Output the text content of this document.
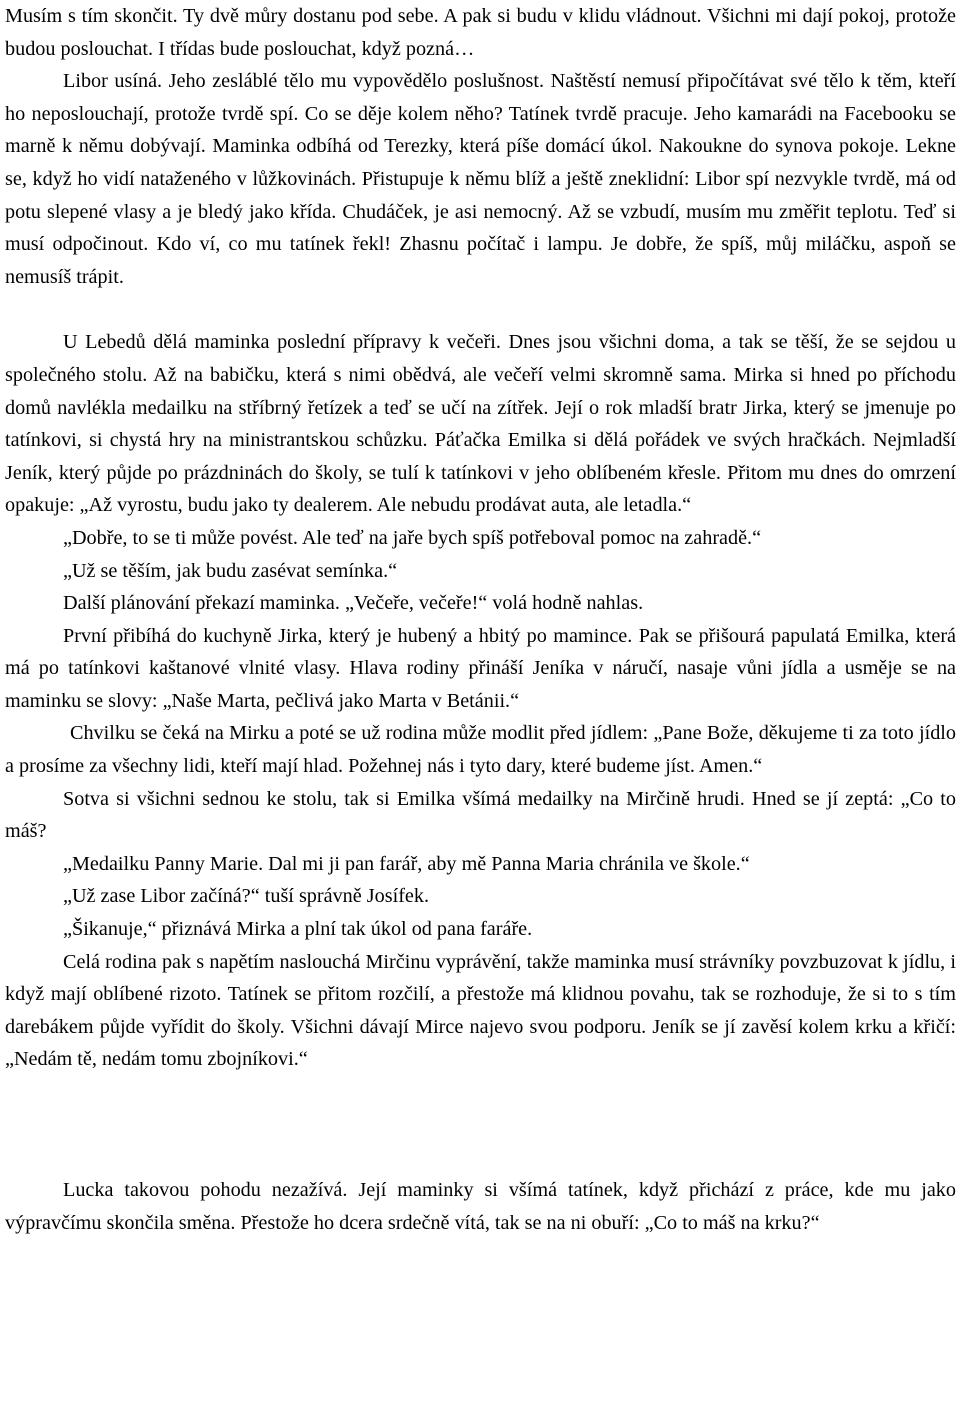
Musím s tím skončit. Ty dvě můry dostanu pod sebe. A pak si budu v klidu vládnout. Všichni mi dají pokoj, protože budou poslouchat. I třídas bude poslouchat, když pozná…

Libor usíná. Jeho zesláblé tělo mu vypovědělo poslušnost. Naštěstí nemusí připočítávat své tělo k těm, kteří ho neposlouchají, protože tvrdě spí. Co se děje kolem něho? Tatínek tvrdě pracuje. Jeho kamarádi na Facebooku se marně k němu dobývají. Maminka odbíhá od Terezky, která píše domácí úkol. Nakoukne do synova pokoje. Lekne se, když ho vidí nataženého v lůžkovinách. Přistupuje k němu blíž a ještě zneklidní: Libor spí nezvykle tvrdě, má od potu slepené vlasy a je bledý jako křída. Chudáček, je asi nemocný. Až se vzbudí, musím mu změřit teplotu. Teď si musí odpočinout. Kdo ví, co mu tatínek řekl! Zhasnu počítač i lampu. Je dobře, že spíš, můj miláčku, aspoň se nemusíš trápit.

U Lebedů dělá maminka poslední přípravy k večeři. Dnes jsou všichni doma, a tak se těší, že se sejdou u společného stolu. Až na babičku, která s nimi obědvá, ale večeří velmi skromně sama. Mirka si hned po příchodu domů navlékla medailku na stříbrný řetízek a teď se učí na zítřek. Její o rok mladší bratr Jirka, který se jmenuje po tatínkovi, si chystá hry na ministrantskou schůzku. Páťačka Emilka si dělá pořádek ve svých hračkách. Nejmladší Jeník, který půjde po prázdninách do školy, se tulí k tatínkovi v jeho oblíbeném křesle. Přitom mu dnes do omrzení opakuje: „Až vyrostu, budu jako ty dealerem. Ale nebudu prodávat auta, ale letadla.“

„Dobře, to se ti může povést. Ale teď na jaře bych spíš potřeboval pomoc na zahradě.“

„Už se těším, jak budu zasévat semínka.“

Další plánování překazí maminka. „Večeře, večeře!“ volá hodně nahlas.

První přibíhá do kuchyně Jirka, který je hubený a hbitý po mamince. Pak se přišourá papulatá Emilka, která má po tatínkovi kaštanové vlnité vlasy. Hlava rodiny přináší Jeníka v náručí, nasaje vůni jídla a usměje se na maminku se slovy: „Naše Marta, pečlivá jako Marta v Betánii.“

Chvilku se čeká na Mirku a poté se už rodina může modlit před jídlem: „Pane Bože, děkujeme ti za toto jídlo a prosíme za všechny lidi, kteří mají hlad. Požehnej nás i tyto dary, které budeme jíst. Amen.“

Sotva si všichni sednou ke stolu, tak si Emilka všímá medailky na Mirčině hrudi. Hned se jí zeptá: „Co to máš?

„Medailku Panny Marie. Dal mi ji pan farář, aby mě Panna Maria chránila ve škole.“

„Už zase Libor začíná?“ tuší správně Josífek.

„Šikanuje,“ přiznává Mirka a plní tak úkol od pana faráře.

Celá rodina pak s napětím naslouchá Mirčinu vyprávění, takže maminka musí strávníky povzbuzovat k jídlu, i když mají oblíbené rizoto. Tatínek se přitom rozčilí, a přestože má klidnou povahu, tak se rozhoduje, že si to s tím darebákem půjde vyřídit do školy. Všichni dávají Mirce najevo svou podporu. Jeník se jí zavěsí kolem krku a křičí: „Nedám tě, nedám tomu zbojníkovi.“

Lucka takovou pohodu nezažívá. Její maminky si všímá tatínek, když přichází z práce, kde mu jako výpravčímu skončila směna. Přestože ho dcera srdečně vítá, tak se na ni obuří: „Co to máš na krku?“
